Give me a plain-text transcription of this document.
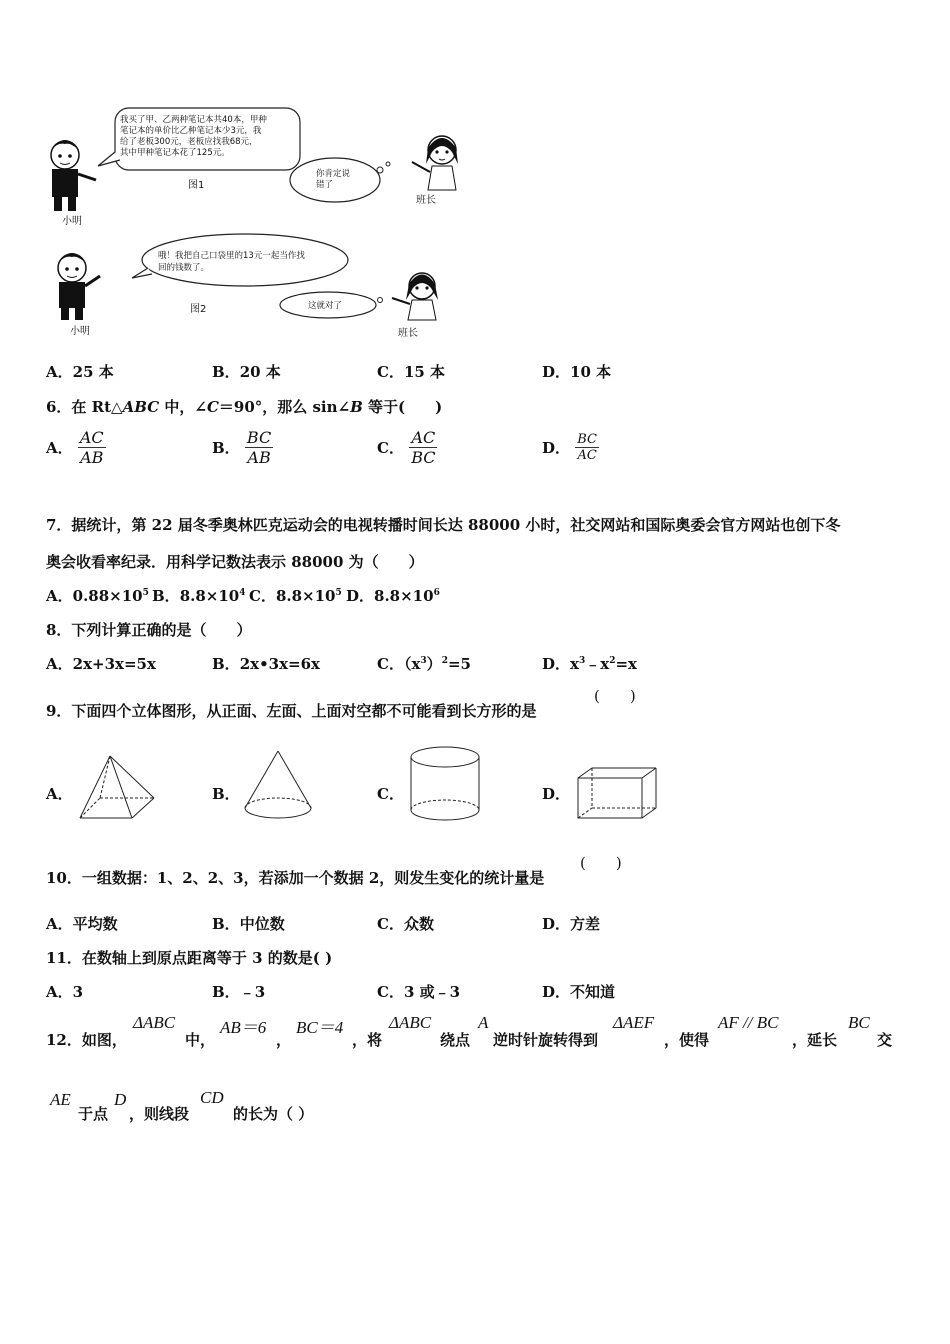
我买了甲、乙两种笔记本共40本，甲种
笔记本的单价比乙种笔记本少3元，我
给了老板300元，老板应找我68元，
其中甲种笔记本花了125元。
你肯定说
错了
图1
小明
班长
哦！我把自己口袋里的13元一起当作找
回的钱数了。
这就对了
图2
小明	班长
A．25 本	B．20 本	C．15 本	D．10 本
6．在 Rt△ABC 中，∠C＝90°，那么 sin∠B 等于(　　)
A． $\frac{AC}{AB}$	B． $\frac{BC}{AB}$	C． $\frac{AC}{BC}$	D． $\frac{BC}{AC}$
7．据统计，第 22 届冬季奥林匹克运动会的电视转播时间长达 88000 小时，社交网站和国际奥委会官方网站也创下冬
奥会收看率纪录．用科学记数法表示 88000 为（　　）
A．$0.88\times 10^5$ B．$8.8\times 10^4$ C．$8.8\times 10^5$ D．$8.8\times 10^6$
8．下列计算正确的是（　　）
A．2x+3x=5x	B．2x•3x=6x	C．$(x^3)^2=5$	D．$x^3﹣x^2=x$
9．下面四个立体图形，从正面、左面、上面对空都不可能看到长方形的是
(　　)
A．	B．	C．	D．
10．一组数据：1、2、2、3，若添加一个数据 2，则发生变化的统计量是
(　　)
A．平均数	B．中位数	C．众数	D．方差
11．在数轴上到原点距离等于 3 的数是( )
A．3	B．﹣3	C．3 或﹣3	D．不知道
12．如图，
ΔABC
中，
AB＝6
，
BC＝4
，将
ΔABC
绕点
A
逆时针旋转得到
ΔAEF
，使得
AF // BC
，延长
BC
交
AE
于点
D
，则线段
CD
的长为（ ）
